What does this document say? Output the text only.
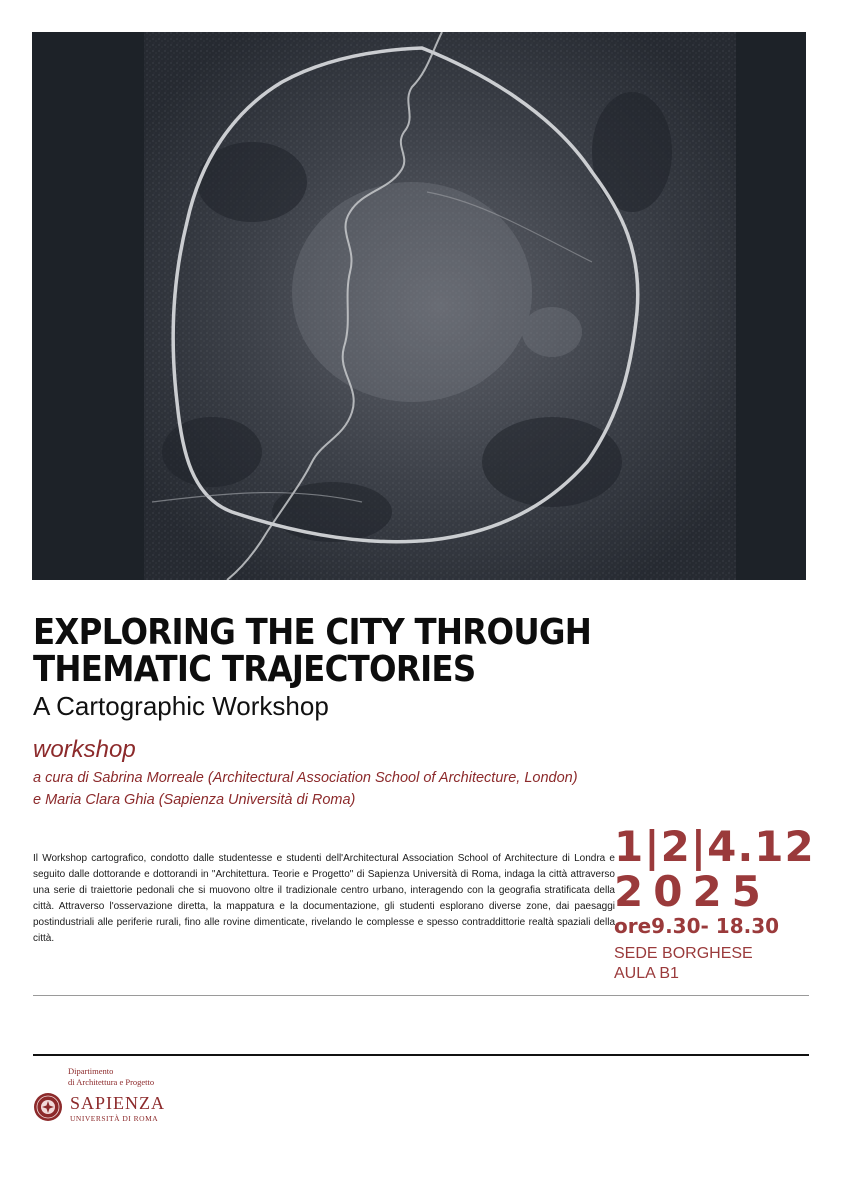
EXPLORING THE CITY THROUGH
THEMATIC TRAJECTORIES
A Cartographic Workshop
workshop
a cura di Sabrina Morreale (Architectural Association School of Architecture, London)
e Maria Clara Ghia (Sapienza Università di Roma)
Il Workshop cartografico, condotto dalle studentesse e studenti dell'Architectural Association School of Architecture di Londra e seguito dalle dottorande e dottorandi in "Architettura. Teorie e Progetto" di Sapienza Università di Roma, indaga la città attraverso una serie di traiettorie pedonali che si muovono oltre il tradizionale centro urbano, interagendo con la geografia stratificata della città. Attraverso l'osservazione diretta, la mappatura e la documentazione, gli studenti esplorano diverse zone, dai paesaggi postindustriali alle periferie rurali, fino alle rovine dimenticate, rivelando le complesse e spesso contraddittorie realtà spaziali della città.
1|2|4.12
2025
ore9.30- 18.30
SEDE BORGHESE
AULA B1
Dipartimento
di Architettura e Progetto
SAPIENZA
UNIVERSITÀ DI ROMA
